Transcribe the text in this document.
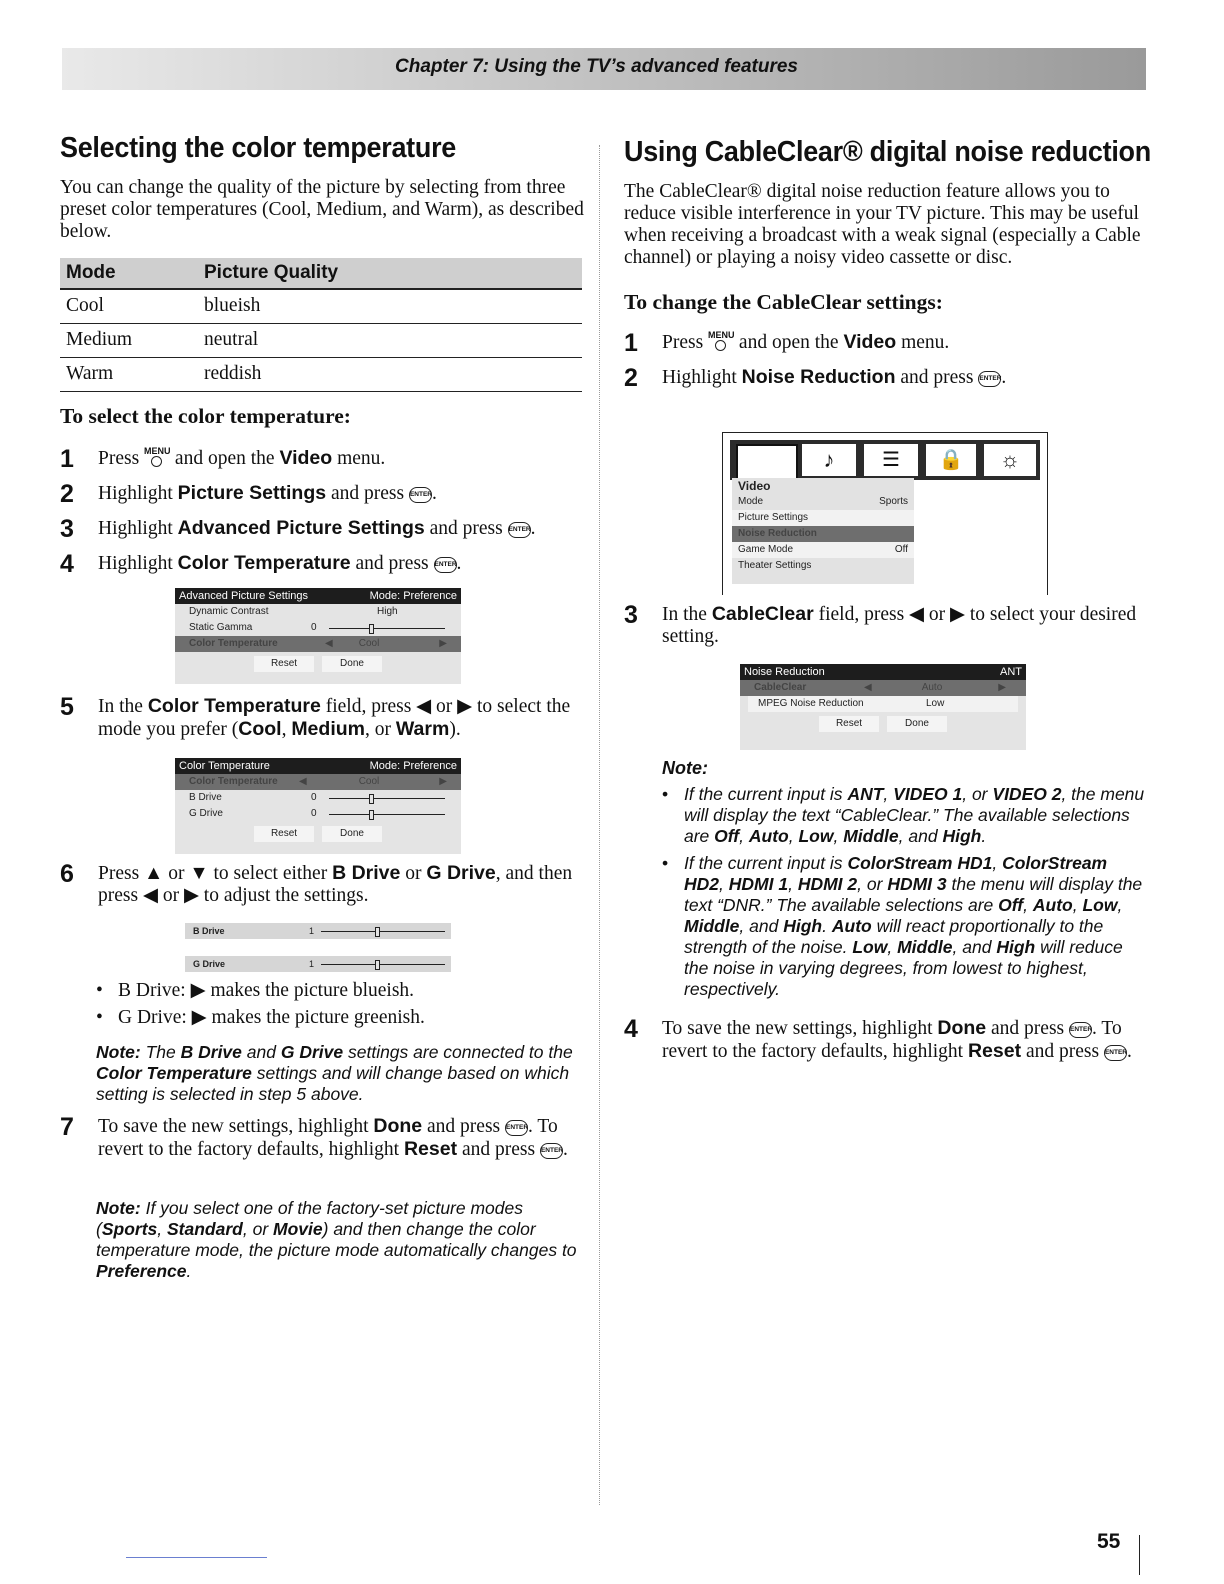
Chapter 7: Using the TV’s advanced features
Selecting the color temperature

You can change the quality of the picture by selecting from three preset color temperatures (Cool, Medium, and Warm), as described below.

Mode	Picture Quality
Cool	blueish
Medium	neutral
Warm	reddish
To select the color temperature:
1	Press MENU and open the Video menu.
2	Highlight Picture Settings and press ENTER.
3	Highlight Advanced Picture Settings and press ENTER.
4	Highlight Color Temperature and press ENTER.
Advanced Picture Settings	Mode: Preference
Dynamic Contrast	High
Static Gamma	0
Color Temperature	◀	Cool	▶
Reset	Done
5	In the Color Temperature field, press ◀ or ▶ to select the mode you prefer (Cool, Medium, or Warm).
Color Temperature	Mode: Preference
Color Temperature	◀	Cool	▶
B Drive	0
G Drive	0
Reset	Done
6	Press ▲ or ▼ to select either B Drive or G Drive, and then press ◀ or ▶ to adjust the settings.
B Drive	1
G Drive	1
• B Drive: ▶ makes the picture blueish.
• G Drive: ▶ makes the picture greenish.
Note: The B Drive and G Drive settings are connected to the Color Temperature settings and will change based on which setting is selected in step 5 above.
7	To save the new settings, highlight Done and press ENTER. To revert to the factory defaults, highlight Reset and press ENTER.
Note: If you select one of the factory-set picture modes (Sports, Standard, or Movie) and then change the color temperature mode, the picture mode automatically changes to Preference.
Using CableClear® digital noise reduction

The CableClear® digital noise reduction feature allows you to reduce visible interference in your TV picture. This may be useful when receiving a broadcast with a weak signal (especially a Cable channel) or playing a noisy video cassette or disc.

To change the CableClear settings:
1	Press MENU and open the Video menu.
2	Highlight Noise Reduction and press ENTER.
♪	☰	🔒	☼
Video
Mode	Sports
Picture Settings
Noise Reduction
Game Mode	Off
Theater Settings
3	In the CableClear field, press ◀ or ▶ to select your desired setting.
Noise Reduction	ANT
CableClear	◀	Auto	▶
MPEG Noise Reduction	Low
Reset	Done
Note:
• If the current input is ANT, VIDEO 1, or VIDEO 2, the menu will display the text “CableClear.” The available selections are Off, Auto, Low, Middle, and High.
• If the current input is ColorStream HD1, ColorStream HD2, HDMI 1, HDMI 2, or HDMI 3 the menu will display the text “DNR.” The available selections are Off, Auto, Low, Middle, and High. Auto will react proportionally to the strength of the noise. Low, Middle, and High will reduce the noise in varying degrees, from lowest to highest, respectively.
4	To save the new settings, highlight Done and press ENTER. To revert to the factory defaults, highlight Reset and press ENTER.
55
